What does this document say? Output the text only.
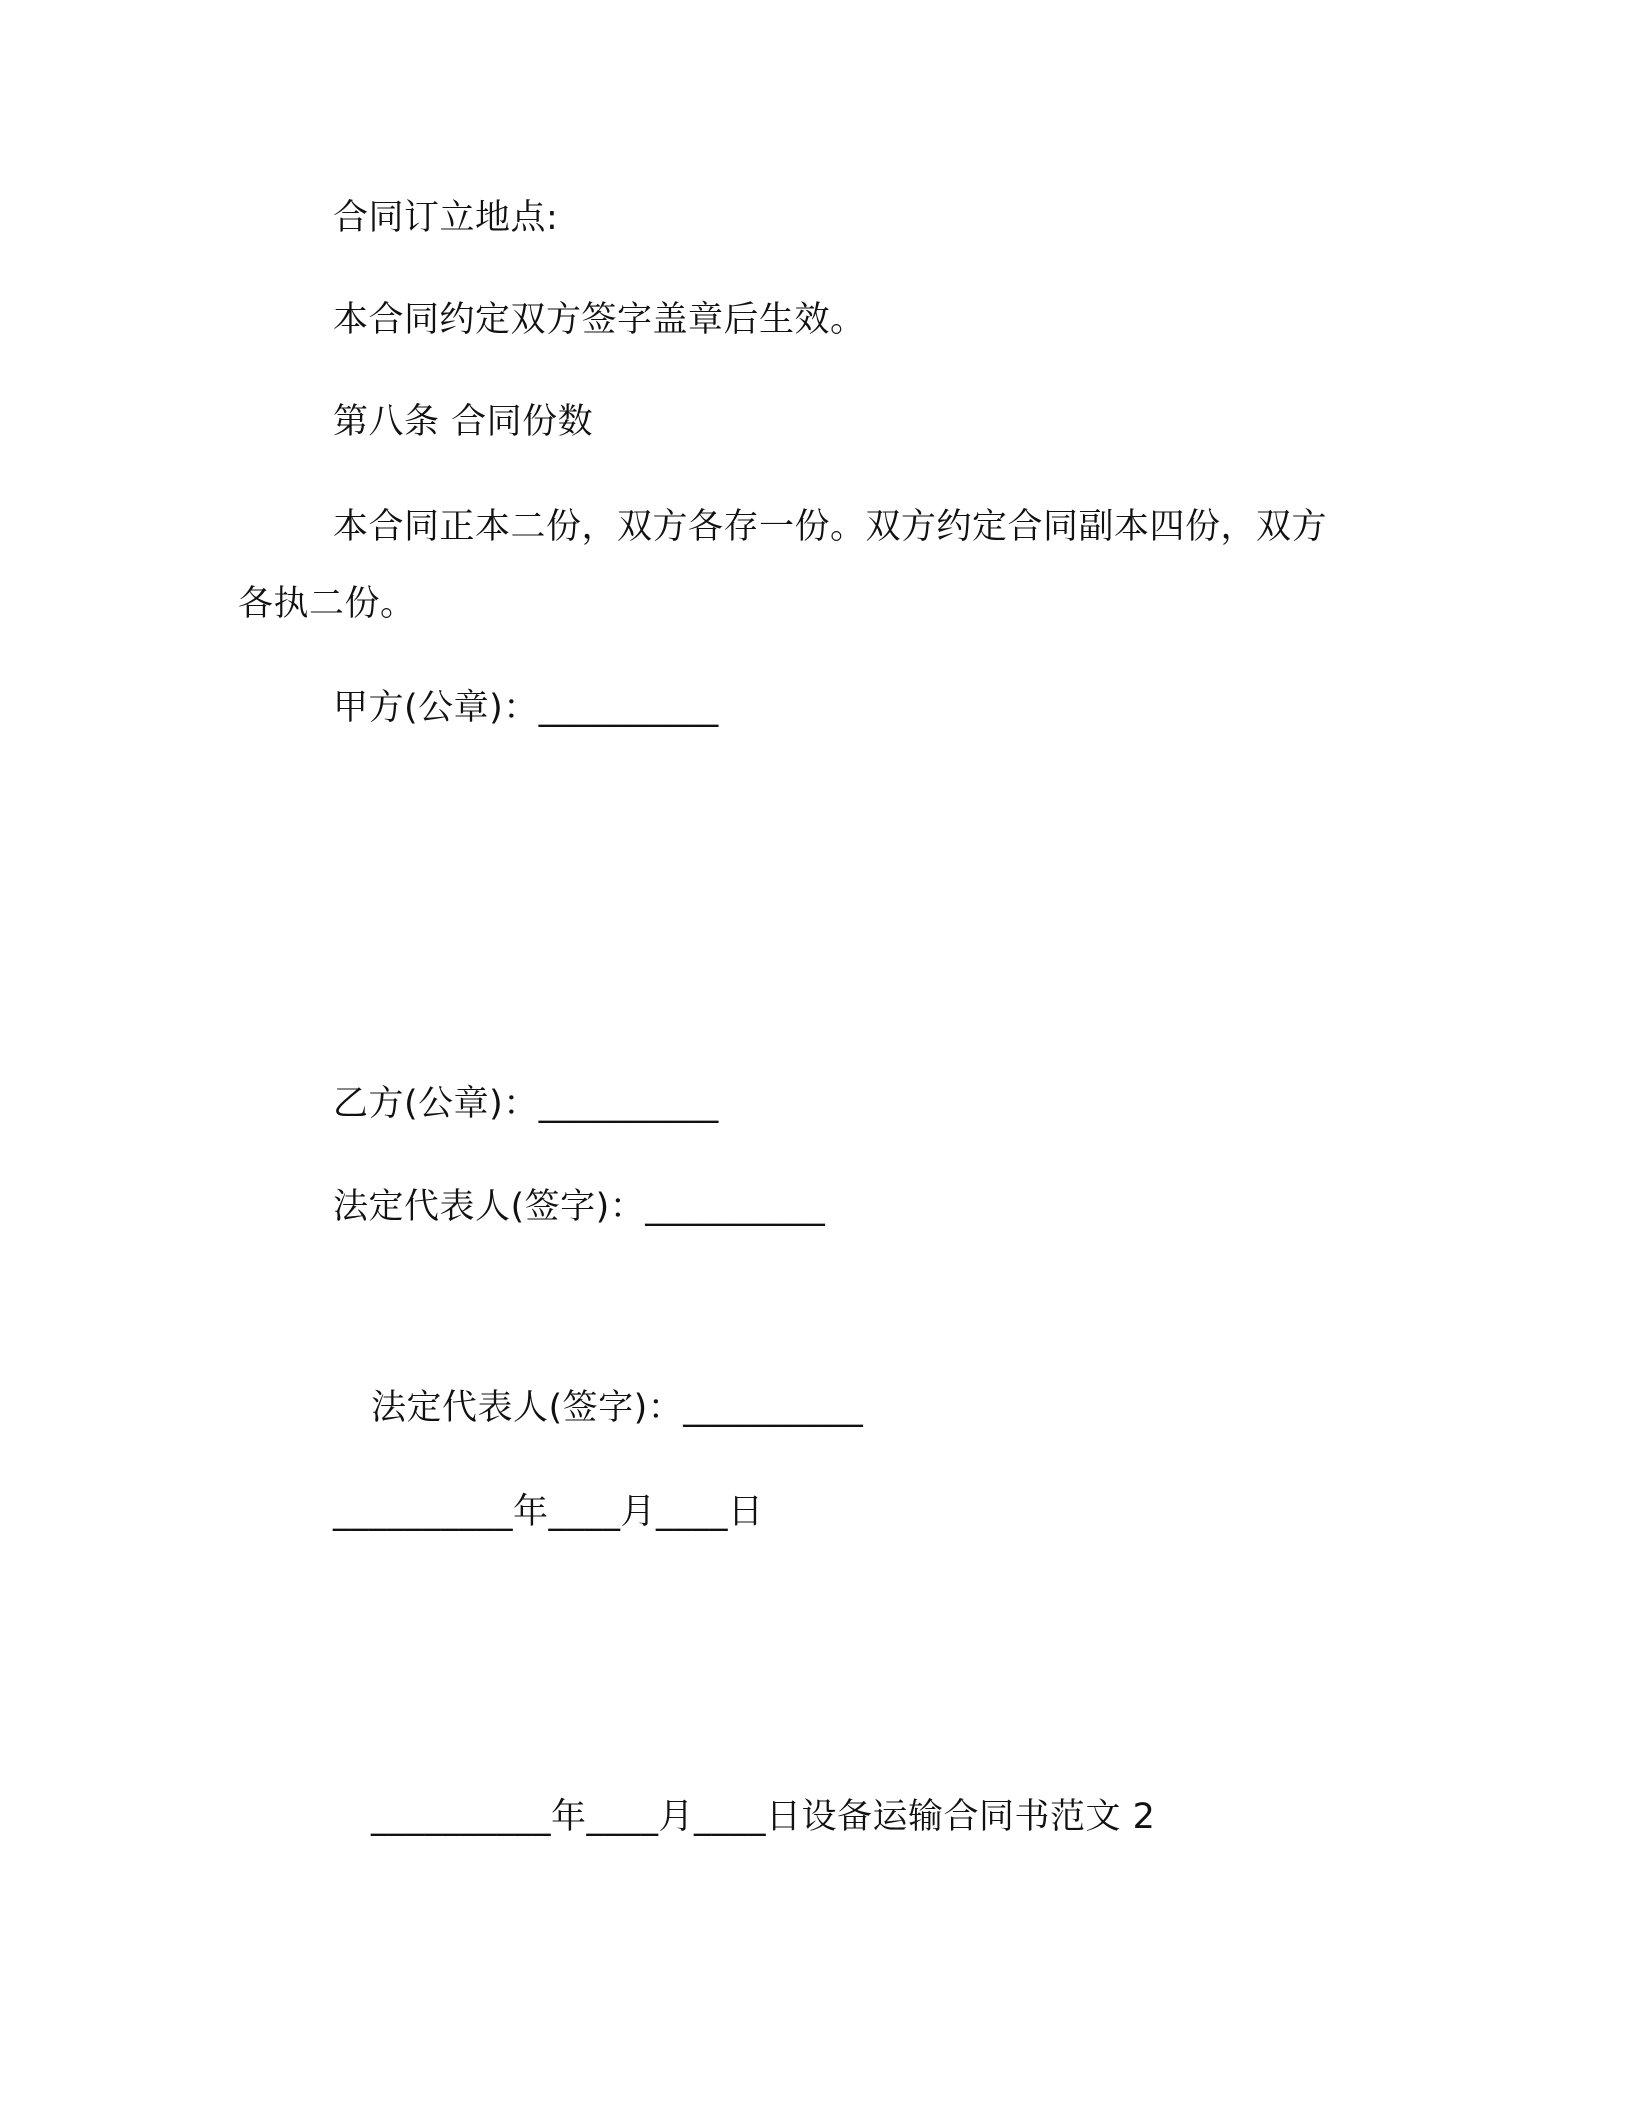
合同订立地点:
本合同约定双方签字盖章后生效。
第八条 合同份数
本合同正本二份，双方各存一份。双方约定合同副本四份，双方
各执二份。
甲方(公章)：__________
乙方(公章)：__________
法定代表人(签字)：__________
法定代表人(签字)：__________
__________年____月____日
__________年____月____日设备运输合同书范文 2
